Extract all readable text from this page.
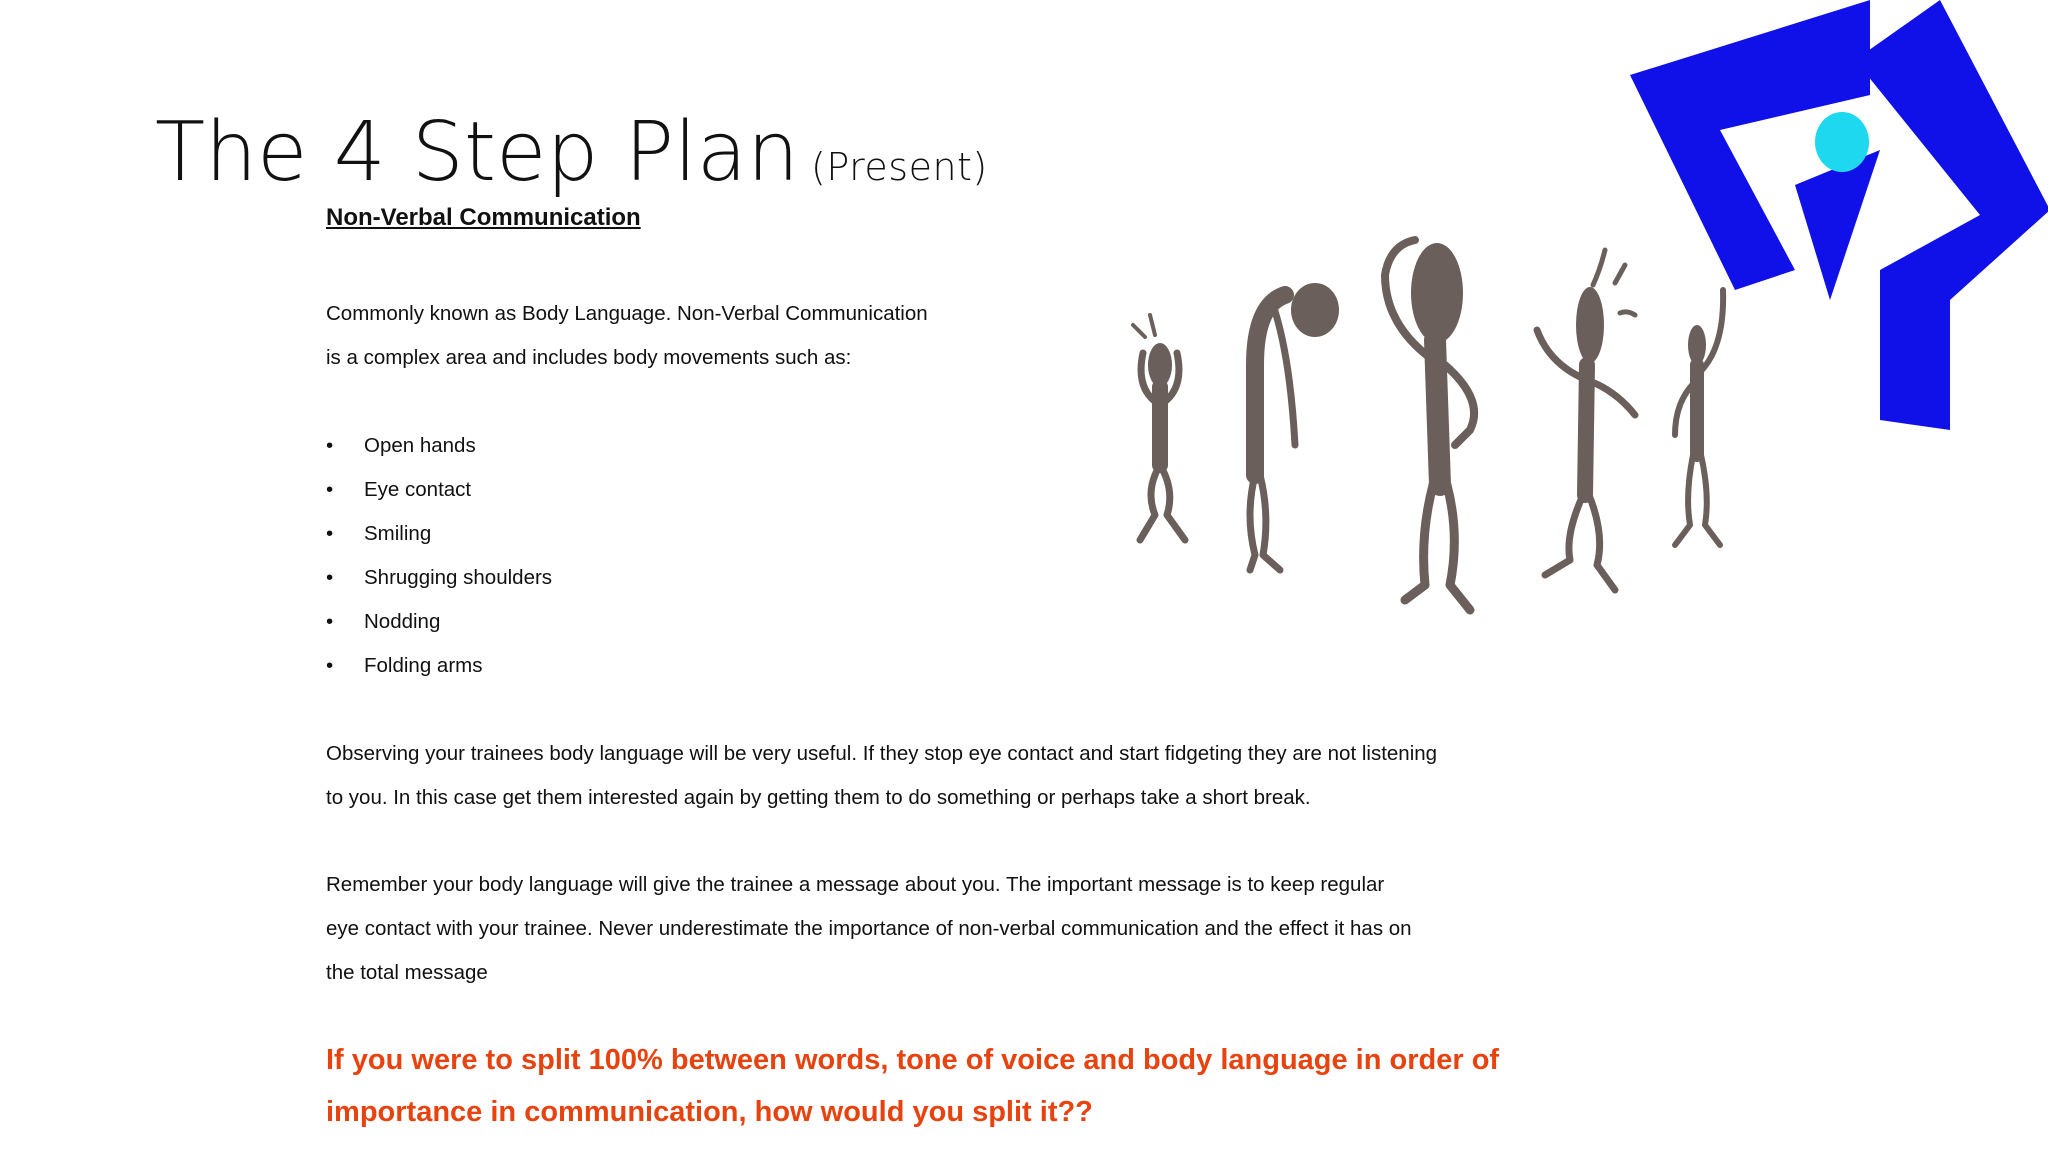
The 4 Step Plan (Present)
Non-Verbal Communication
Commonly known as Body Language. Non-Verbal Communication
is a complex area and includes body movements such as:
• Open hands
• Eye contact
• Smiling
• Shrugging shoulders
• Nodding
• Folding arms
Observing your trainees body language will be very useful. If they stop eye contact and start fidgeting they are not listening
to you. In this case get them interested again by getting them to do something or perhaps take a short break.
Remember your body language will give the trainee a message about you. The important message is to keep regular
eye contact with your trainee. Never underestimate the importance of non-verbal communication and the effect it has on
the total message
If you were to split 100% between words, tone of voice and body language in order of
importance in communication, how would you split it??
